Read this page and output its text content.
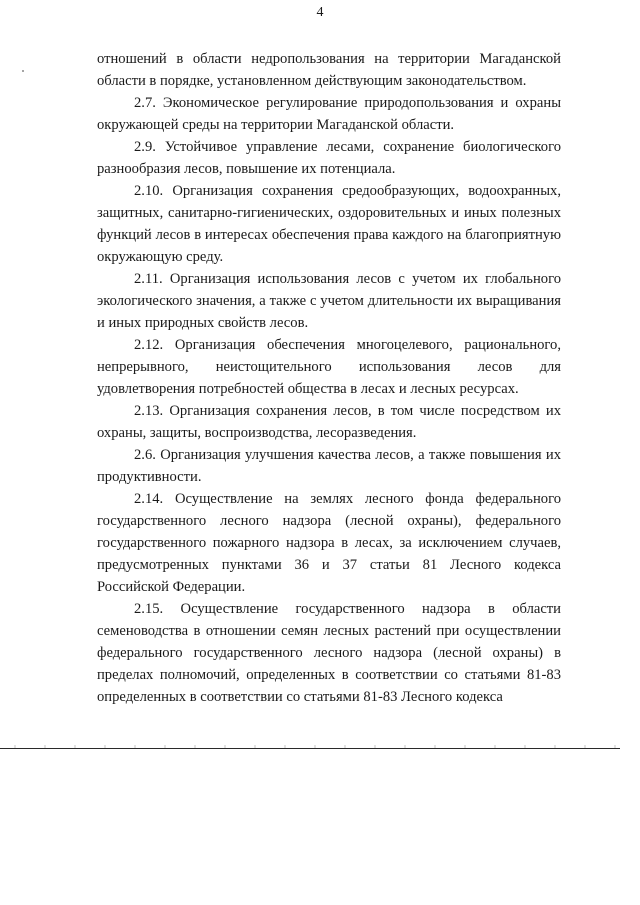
4

отношений в области недропользования на территории Магаданской области в порядке, установленном действующим законодательством.

2.7. Экономическое регулирование природопользования и охраны окружающей среды на территории Магаданской области.

2.9. Устойчивое управление лесами, сохранение биологического разнообразия лесов, повышение их потенциала.

2.10. Организация сохранения средообразующих, водоохранных, защитных, санитарно-гигиенических, оздоровительных и иных полезных функций лесов в интересах обеспечения права каждого на благоприятную окружающую среду.

2.11. Организация использования лесов с учетом их глобального экологического значения, а также с учетом длительности их выращивания и иных природных свойств лесов.

2.12. Организация обеспечения многоцелевого, рационального, непрерывного, неистощительного использования лесов для удовлетворения потребностей общества в лесах и лесных ресурсах.

2.13. Организация сохранения лесов, в том числе посредством их охраны, защиты, воспроизводства, лесоразведения.

2.6. Организация улучшения качества лесов, а также повышения их продуктивности.

2.14. Осуществление на землях лесного фонда федерального государственного лесного надзора (лесной охраны), федерального государственного пожарного надзора в лесах, за исключением случаев, предусмотренных пунктами 36 и 37 статьи 81 Лесного кодекса Российской Федерации.

2.15. Осуществление государственного надзора в области семеноводства в отношении семян лесных растений при осуществлении федерального государственного лесного надзора (лесной охраны) в пределах полномочий, определенных в соответствии со статьями 81-83 определенных в соответствии со статьями 81-83 Лесного кодекса
